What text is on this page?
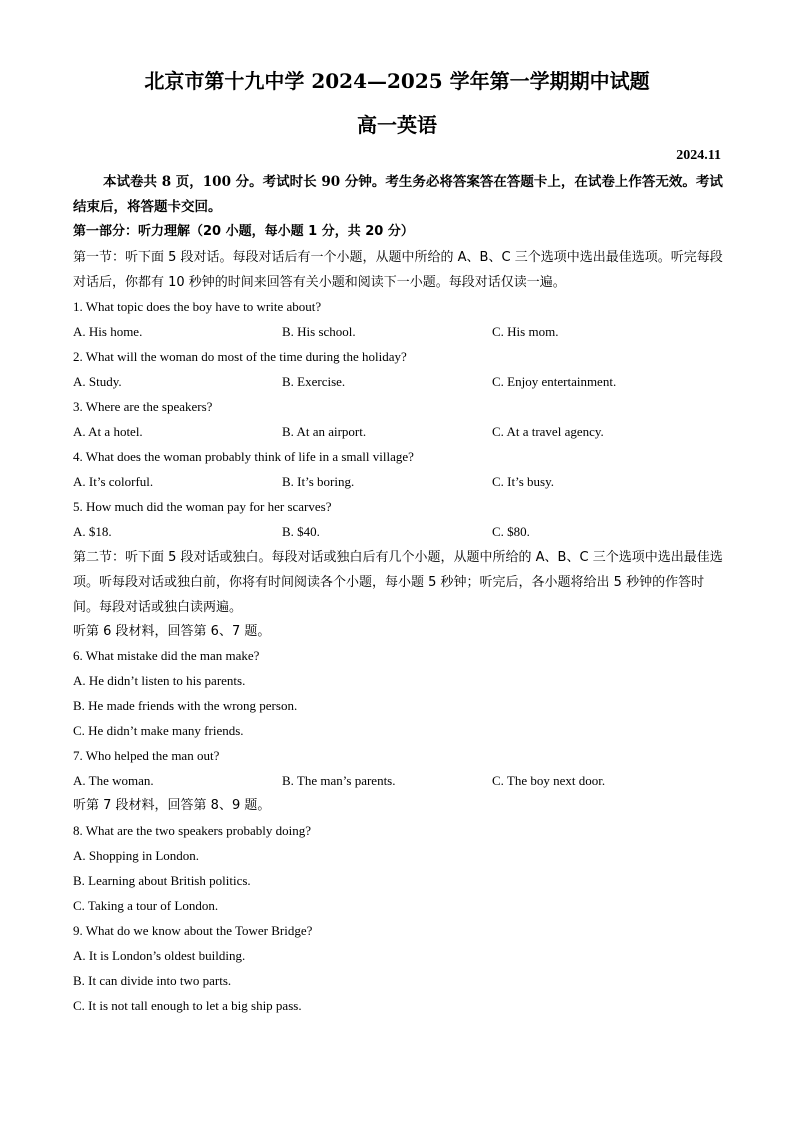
北京市第十九中学 2024—2025 学年第一学期期中试题
高一英语
2024.11
本试卷共 8 页，100 分。考试时长 90 分钟。考生务必将答案答在答题卡上，在试卷上作答无效。考试结束后，将答题卡交回。
第一部分：听力理解（20 小题，每小题 1 分，共 20 分）
第一节：听下面 5 段对话。每段对话后有一个小题，从题中所给的 A、B、C 三个选项中选出最佳选项。听完每段对话后，你都有 10 秒钟的时间来回答有关小题和阅读下一小题。每段对话仅读一遍。
1. What topic does the boy have to write about?
A. His home.	B. His school.	C. His mom.
2. What will the woman do most of the time during the holiday?
A. Study.	B. Exercise.	C. Enjoy entertainment.
3. Where are the speakers?
A. At a hotel.	B. At an airport.	C. At a travel agency.
4. What does the woman probably think of life in a small village?
A. It’s colorful.	B. It’s boring.	C. It’s busy.
5. How much did the woman pay for her scarves?
A. $18.	B. $40.	C. $80.
第二节：听下面 5 段对话或独白。每段对话或独白后有几个小题，从题中所给的 A、B、C 三个选项中选出最佳选项。听每段对话或独白前，你将有时间阅读各个小题，每小题 5 秒钟；听完后，各小题将给出 5 秒钟的作答时间。每段对话或独白读两遍。
听第 6 段材料，回答第 6、7 题。
6. What mistake did the man make?
A. He didn’t listen to his parents.
B. He made friends with the wrong person.
C. He didn’t make many friends.
7. Who helped the man out?
A. The woman.	B. The man’s parents.	C. The boy next door.
听第 7 段材料，回答第 8、9 题。
8. What are the two speakers probably doing?
A. Shopping in London.
B. Learning about British politics.
C. Taking a tour of London.
9. What do we know about the Tower Bridge?
A. It is London’s oldest building.
B. It can divide into two parts.
C. It is not tall enough to let a big ship pass.
